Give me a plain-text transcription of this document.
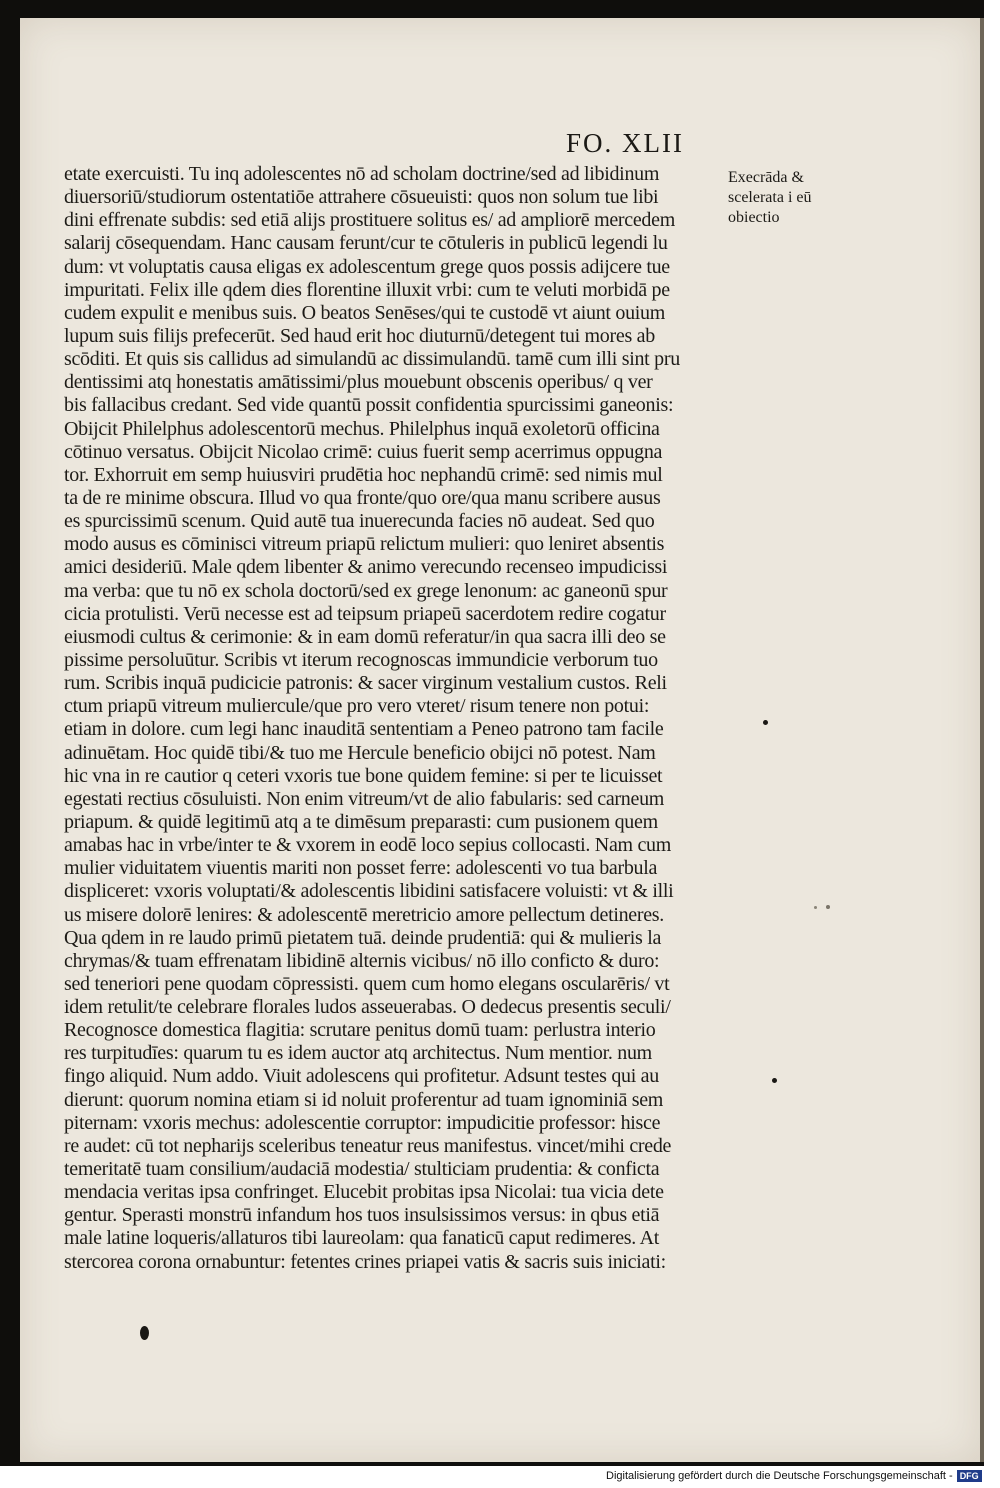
FO. XLII
etate exercuisti. Tu inq adolescentes nō ad scholam doctrine/sed ad libidinum
diuersoriū/studiorum ostentatiōe attrahere cōsueuisti: quos non solum tue libi
dini effrenate subdis: sed etiā alijs prostituere solitus es/ ad ampliorē mercedem
salarij cōsequendam. Hanc causam ferunt/cur te cōtuleris in publicū legendi lu
dum: vt voluptatis causa eligas ex adolescentum grege quos possis adijcere tue
impuritati. Felix ille qdem dies florentine illuxit vrbi: cum te veluti morbidā pe
cudem expulit e menibus suis. O beatos Senēses/qui te custodē vt aiunt ouium
lupum suis filijs prefecerūt. Sed haud erit hoc diuturnū/detegent tui mores ab
scōditi. Et quis sis callidus ad simulandū ac dissimulandū. tamē cum illi sint pru
dentissimi atq honestatis amātissimi/plus mouebunt obscenis operibus/ q ver
bis fallacibus credant. Sed vide quantū possit confidentia spurcissimi ganeonis:
Obijcit Philelphus adolescentorū mechus. Philelphus inquā exoletorū officina
cōtinuo versatus. Obijcit Nicolao crimē: cuius fuerit semp acerrimus oppugna
tor. Exhorruit em semp huiusviri prudētia hoc nephandū crimē: sed nimis mul
ta de re minime obscura. Illud vo qua fronte/quo ore/qua manu scribere ausus
es spurcissimū scenum. Quid autē tua inuerecunda facies nō audeat. Sed quo
modo ausus es cōminisci vitreum priapū relictum mulieri: quo leniret absentis
amici desideriū. Male qdem libenter & animo verecundo recenseo impudicissi
ma verba: que tu nō ex schola doctorū/sed ex grege lenonum: ac ganeonū spur
cicia protulisti. Verū necesse est ad teipsum priapeū sacerdotem redire cogatur
eiusmodi cultus & cerimonie: & in eam domū referatur/in qua sacra illi deo se
pissime persoluūtur. Scribis vt iterum recognoscas immundicie verborum tuo
rum. Scribis inquā pudicicie patronis: & sacer virginum vestalium custos. Reli
ctum priapū vitreum muliercule/que pro vero vteret/ risum tenere non potui:
etiam in dolore. cum legi hanc inauditā sententiam a Peneo patrono tam facile
adinuētam. Hoc quidē tibi/& tuo me Hercule beneficio obijci nō potest. Nam
hic vna in re cautior q ceteri vxoris tue bone quidem femine: si per te licuisset
egestati rectius cōsuluisti. Non enim vitreum/vt de alio fabularis: sed carneum
priapum. & quidē legitimū atq a te dimēsum preparasti: cum pusionem quem
amabas hac in vrbe/inter te & vxorem in eodē loco sepius collocasti. Nam cum
mulier viduitatem viuentis mariti non posset ferre: adolescenti vo tua barbula
displiceret: vxoris voluptati/& adolescentis libidini satisfacere voluisti: vt & illi
us misere dolorē lenires: & adolescentē meretricio amore pellectum detineres.
Qua qdem in re laudo primū pietatem tuā. deinde prudentiā: qui & mulieris la
chrymas/& tuam effrenatam libidinē alternis vicibus/ nō illo conficto & duro:
sed teneriori pene quodam cōpressisti. quem cum homo elegans oscularēris/ vt
idem retulit/te celebrare florales ludos asseuerabas. O dedecus presentis seculi/
Recognosce domestica flagitia: scrutare penitus domū tuam: perlustra interio
res turpitudīes: quarum tu es idem auctor atq architectus. Num mentior. num
fingo aliquid. Num addo. Viuit adolescens qui profitetur. Adsunt testes qui au
dierunt: quorum nomina etiam si id noluit proferentur ad tuam ignominiā sem
piternam: vxoris mechus: adolescentie corruptor: impudicitie professor: hisce
re audet: cū tot nepharijs sceleribus teneatur reus manifestus. vincet/mihi crede
temeritatē tuam consilium/audaciā modestia/ stulticiam prudentia: & conficta
mendacia veritas ipsa confringet. Elucebit probitas ipsa Nicolai: tua vicia dete
gentur. Sperasti monstrū infandum hos tuos insulsissimos versus: in qbus etiā
male latine loqueris/allaturos tibi laureolam: qua fanaticū caput redimeres. At
stercorea corona ornabuntur: fetentes crines priapei vatis & sacris suis iniciati:
Execrāda &
scelerata i eū
obiectio
Digitalisierung gefördert durch die Deutsche Forschungsgemeinschaft - DFG
